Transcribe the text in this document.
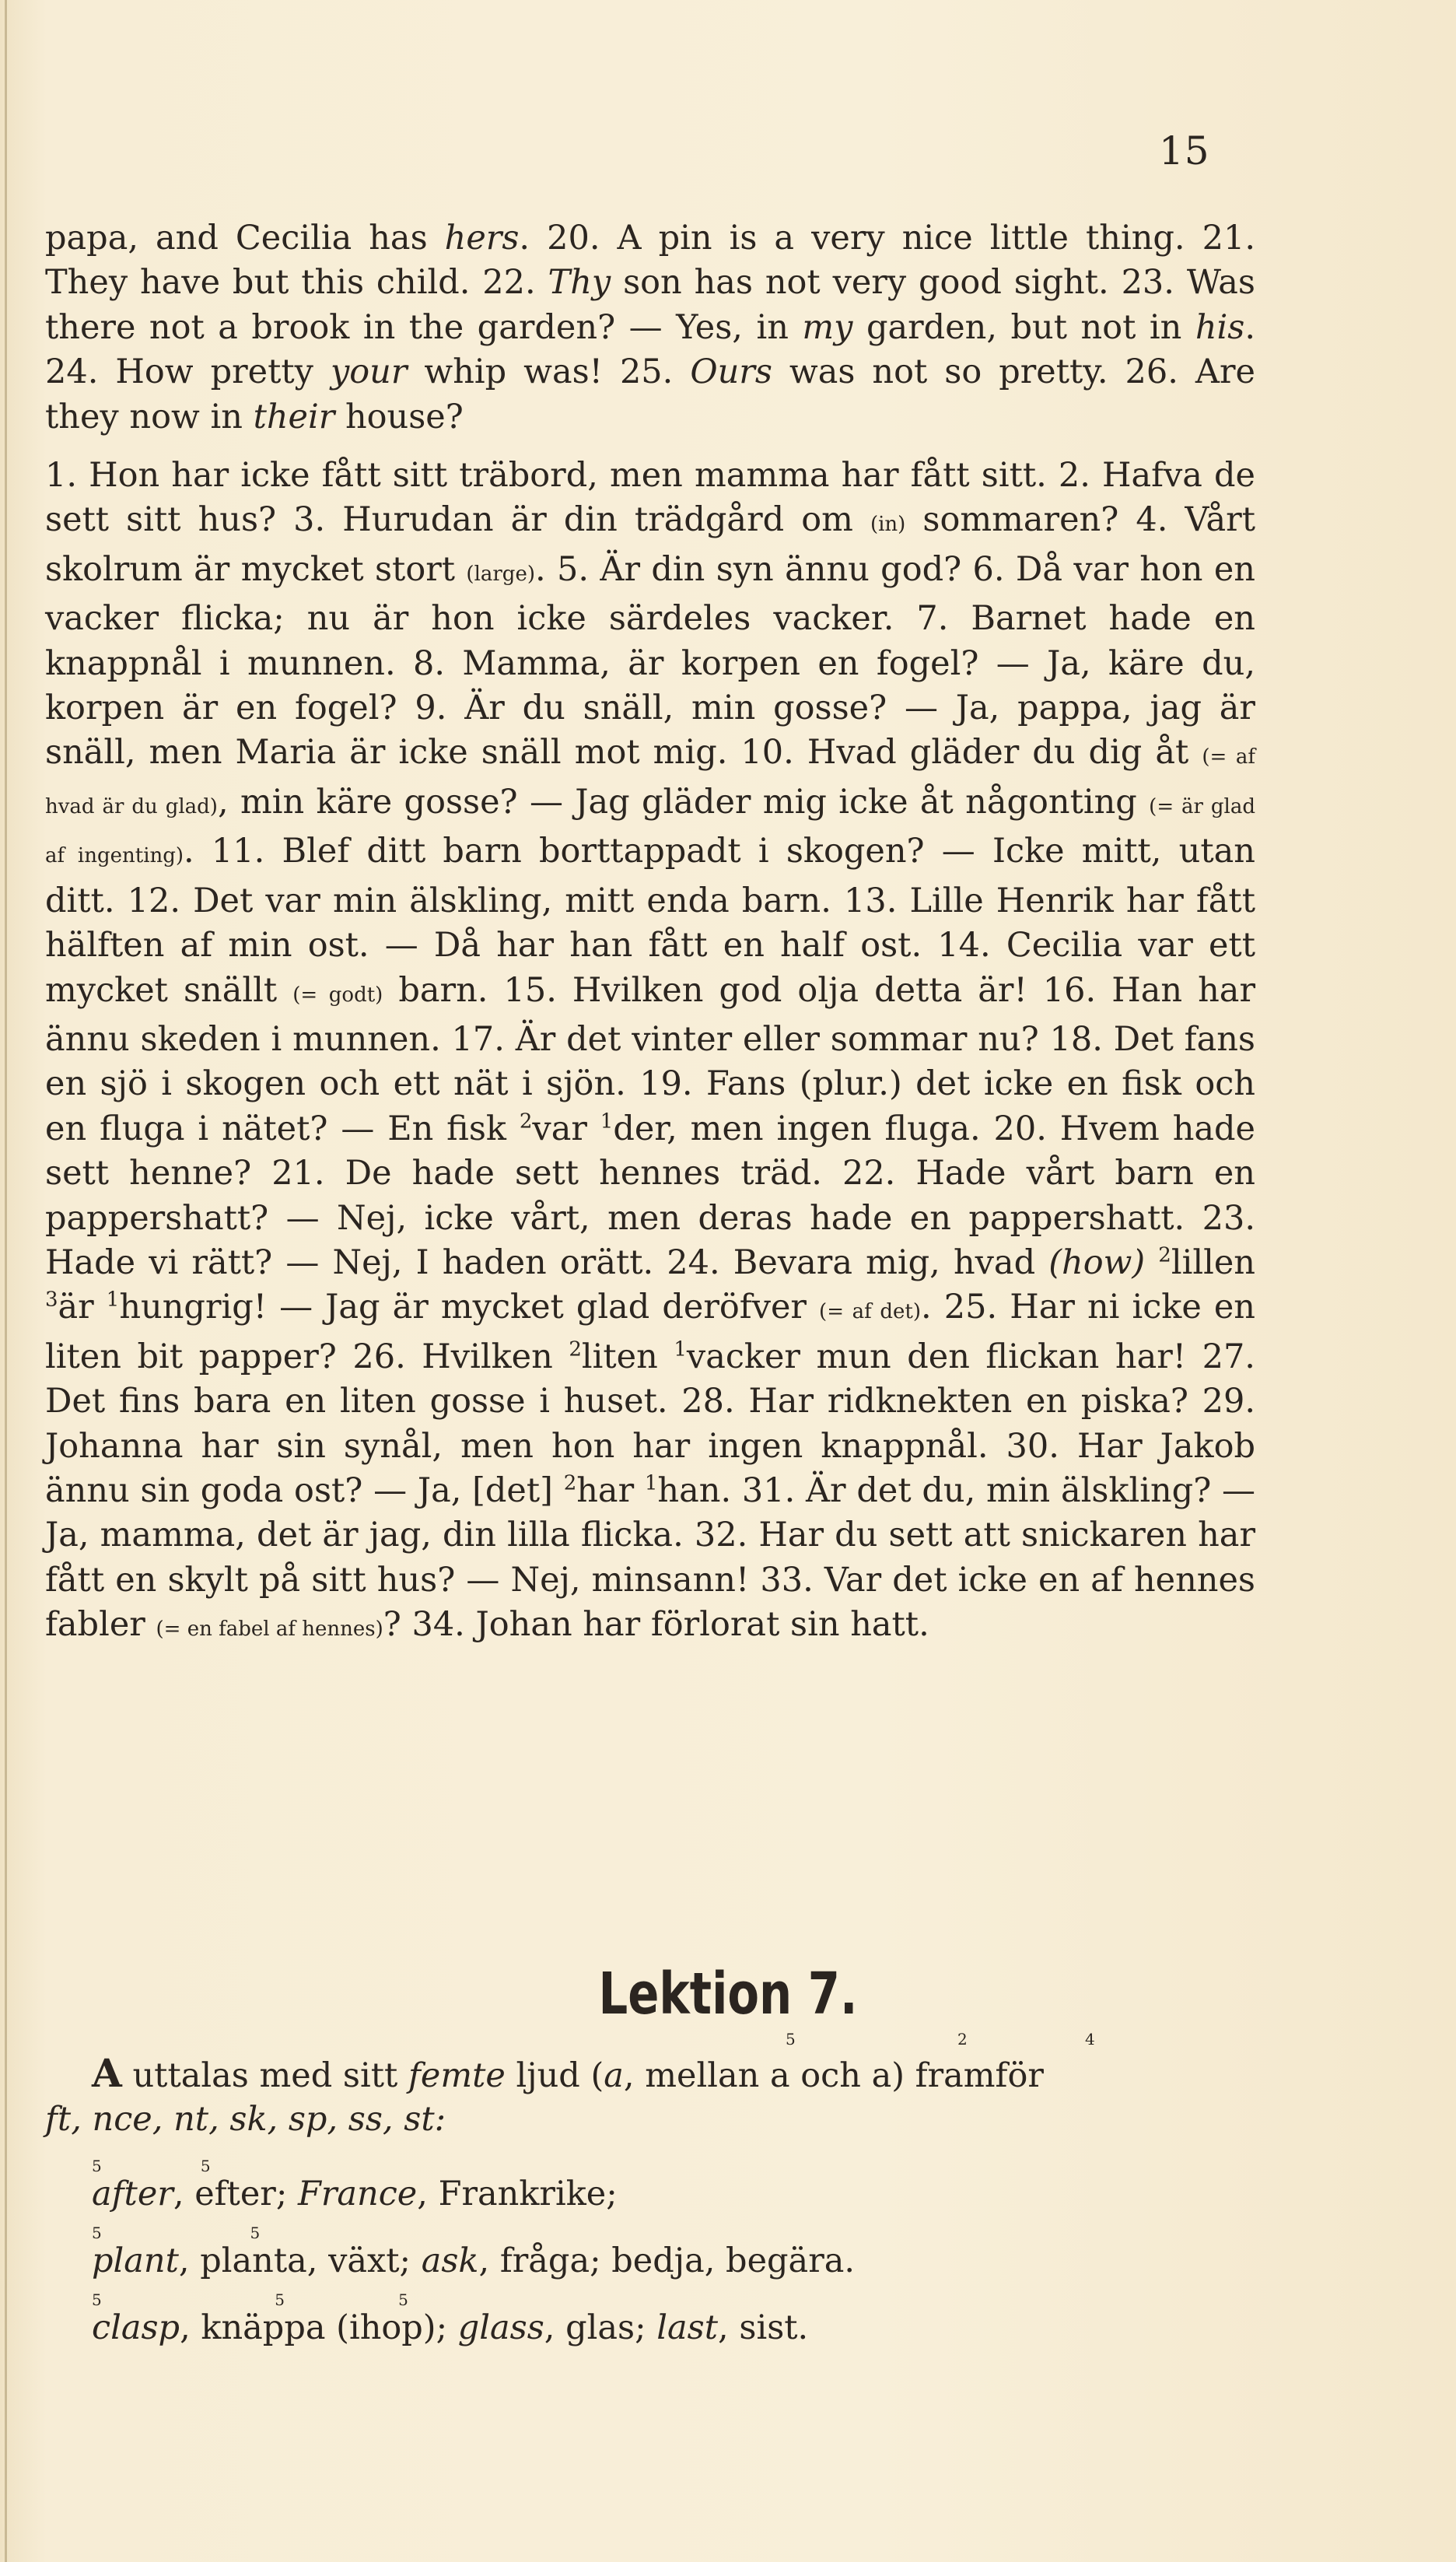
15

papa, and Cecilia has hers. 20. A pin is a very nice little thing. 21. They have but this child. 22. Thy son has not very good sight. 23. Was there not a brook in the garden? — Yes, in my garden, but not in his. 24. How pretty your whip was! 25. Ours was not so pretty. 26. Are they now in their house?

1. Hon har icke fått sitt träbord, men mamma har fått sitt. 2. Hafva de sett sitt hus? 3. Hurudan är din trädgård om (in) sommaren? 4. Vårt skolrum är mycket stort (large). 5. Är din syn ännu god? 6. Då var hon en vacker flicka; nu är hon icke särdeles vacker. 7. Barnet hade en knappnål i munnen. 8. Mamma, är korpen en fogel? — Ja, käre du, korpen är en fogel? 9. Är du snäll, min gosse? — Ja, pappa, jag är snäll, men Maria är icke snäll mot mig. 10. Hvad gläder du dig åt (= af hvad är du glad), min käre gosse? — Jag gläder mig icke åt någonting (= är glad af ingenting). 11. Blef ditt barn borttappadt i skogen? — Icke mitt, utan ditt. 12. Det var min älskling, mitt enda barn. 13. Lille Henrik har fått hälften af min ost. — Då har han fått en half ost. 14. Cecilia var ett mycket snällt (= godt) barn. 15. Hvilken god olja detta är! 16. Han har ännu skeden i munnen. 17. Är det vinter eller sommar nu? 18. Det fans en sjö i skogen och ett nät i sjön. 19. Fans (plur.) det icke en fisk och en fluga i nätet? — En fisk $^2$var $^1$der, men ingen fluga. 20. Hvem hade sett henne? 21. De hade sett hennes träd. 22. Hade vårt barn en pappershatt? — Nej, icke vårt, men deras hade en pappershatt. 23. Hade vi rätt? — Nej, I haden orätt. 24. Bevara mig, hvad (how) $^2$lillen $^3$är $^1$hungrig! — Jag är mycket glad deröfver (= af det). 25. Har ni icke en liten bit papper? 26. Hvilken $^2$liten $^1$vacker mun den flickan har! 27. Det fins bara en liten gosse i huset. 28. Har ridknekten en piska? 29. Johanna har sin synål, men hon har ingen knappnål. 30. Har Jakob ännu sin goda ost? — Ja, [det] $^2$har $^1$han. 31. Är det du, min älskling? — Ja, mamma, det är jag, din lilla flicka. 32. Har du sett att snickaren har fått en skylt på sitt hus? — Nej, minsann! 33. Var det icke en af hennes fabler (= en fabel af hennes)? 34. Johan har förlorat sin hatt.

Lektion 7.
5	2	4
A uttalas med sitt femte ljud (a, mellan a och a) framför
ft, nce, nt, sk, sp, ss, st:
5                    5
after, efter; France, Frankrike;
5                              5
plant, planta, växt; ask, fråga; bedja, begära.
5                                   5                       5
clasp, knäppa (ihop); glass, glas; last, sist.
